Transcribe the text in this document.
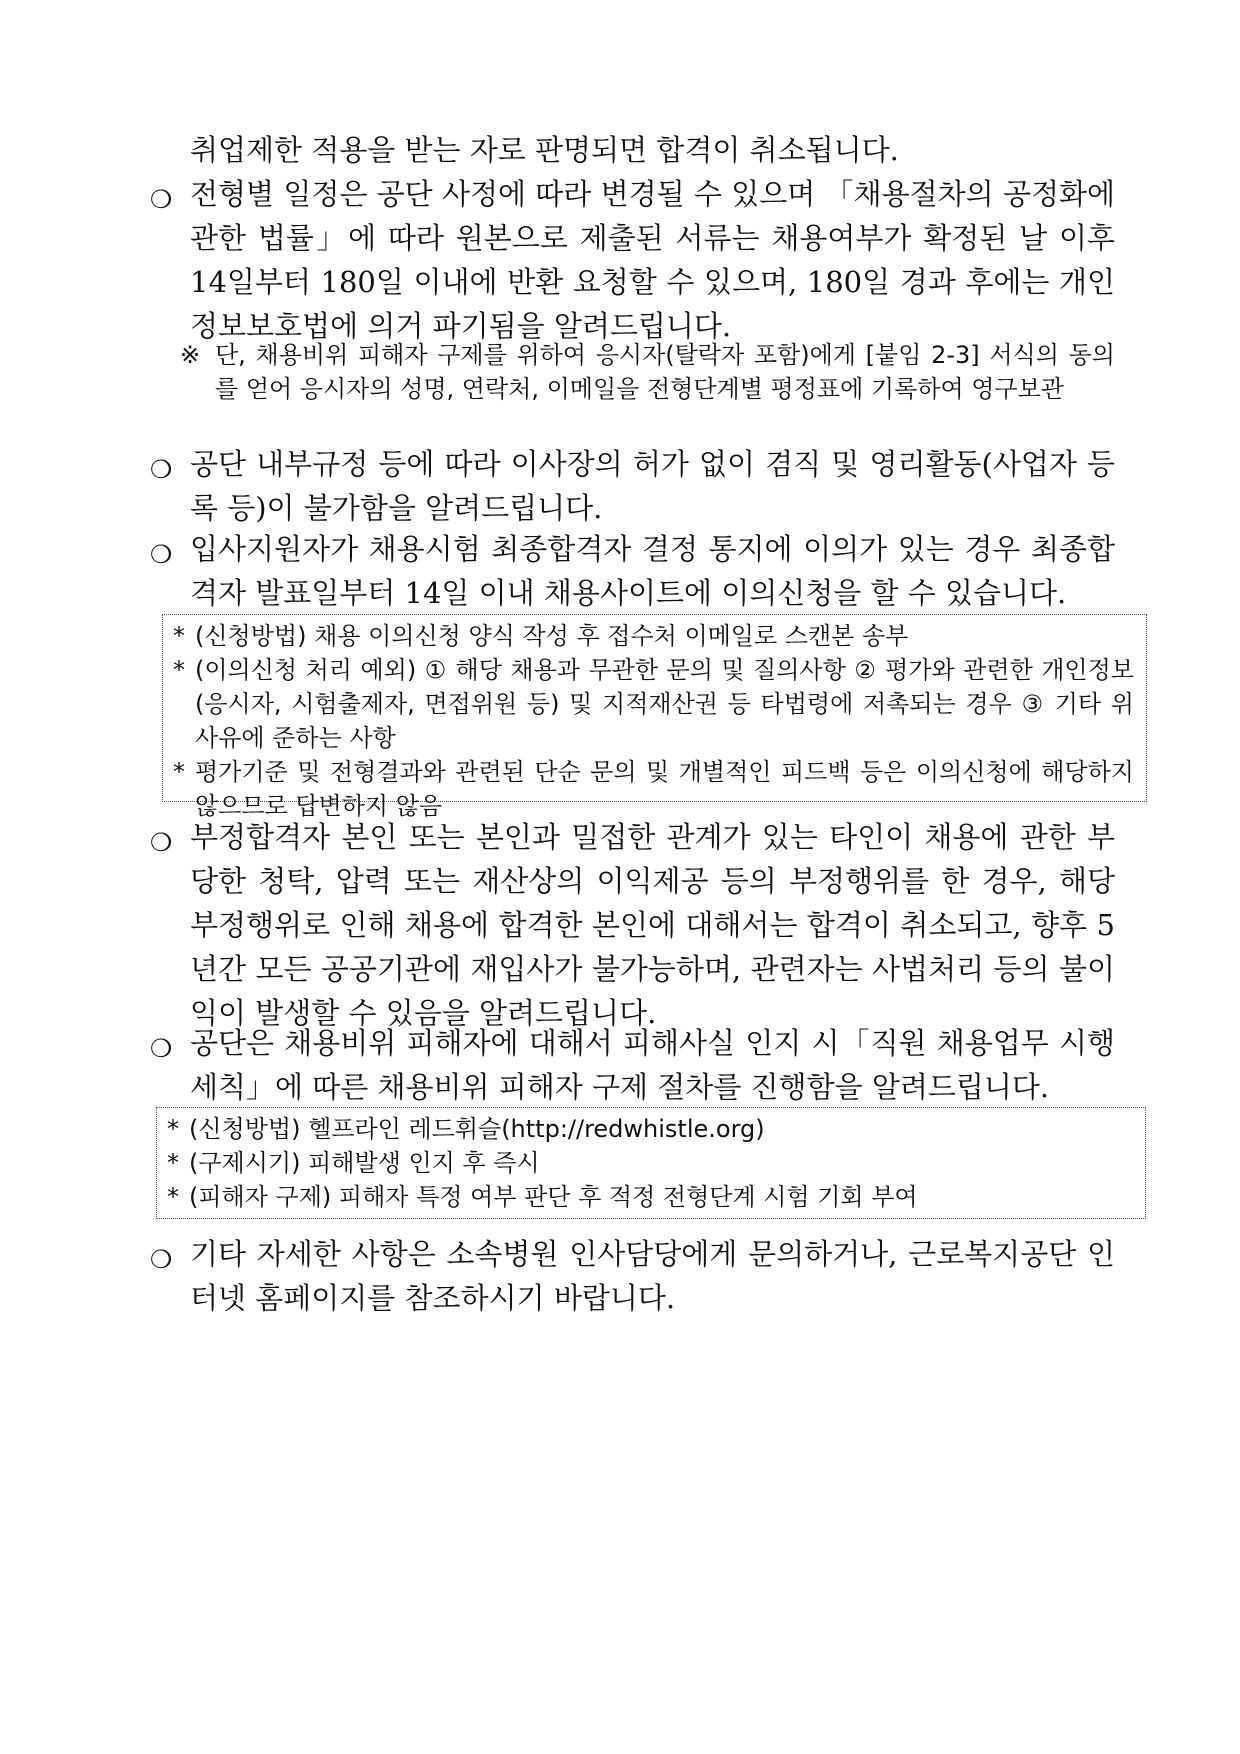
취업제한 적용을 받는 자로 판명되면 합격이 취소됩니다.
❍ 전형별 일정은 공단 사정에 따라 변경될 수 있으며 「채용절차의 공정화에 관한 법률」에 따라 원본으로 제출된 서류는 채용여부가 확정된 날 이후 14일부터 180일 이내에 반환 요청할 수 있으며, 180일 경과 후에는 개인정보보호법에 의거 파기됨을 알려드립니다.
※ 단, 채용비위 피해자 구제를 위하여 응시자(탈락자 포함)에게 [붙임 2-3] 서식의 동의를 얻어 응시자의 성명, 연락처, 이메일을 전형단계별 평정표에 기록하여 영구보관
❍ 공단 내부규정 등에 따라 이사장의 허가 없이 겸직 및 영리활동(사업자 등록 등)이 불가함을 알려드립니다.
❍ 입사지원자가 채용시험 최종합격자 결정 통지에 이의가 있는 경우 최종합격자 발표일부터 14일 이내 채용사이트에 이의신청을 할 수 있습니다.
* (신청방법) 채용 이의신청 양식 작성 후 접수처 이메일로 스캔본 송부
* (이의신청 처리 예외) ① 해당 채용과 무관한 문의 및 질의사항 ② 평가와 관련한 개인정보(응시자, 시험출제자, 면접위원 등) 및 지적재산권 등 타법령에 저촉되는 경우 ③ 기타 위 사유에 준하는 사항
* 평가기준 및 전형결과와 관련된 단순 문의 및 개별적인 피드백 등은 이의신청에 해당하지 않으므로 답변하지 않음
❍ 부정합격자 본인 또는 본인과 밀접한 관계가 있는 타인이 채용에 관한 부당한 청탁, 압력 또는 재산상의 이익제공 등의 부정행위를 한 경우, 해당 부정행위로 인해 채용에 합격한 본인에 대해서는 합격이 취소되고, 향후 5년간 모든 공공기관에 재입사가 불가능하며, 관련자는 사법처리 등의 불이익이 발생할 수 있음을 알려드립니다.
❍ 공단은 채용비위 피해자에 대해서 피해사실 인지 시「직원 채용업무 시행세칙」에 따른 채용비위 피해자 구제 절차를 진행함을 알려드립니다.
* (신청방법) 헬프라인 레드휘슬(http://redwhistle.org)
* (구제시기) 피해발생 인지 후 즉시
* (피해자 구제) 피해자 특정 여부 판단 후 적정 전형단계 시험 기회 부여
❍ 기타 자세한 사항은 소속병원 인사담당에게 문의하거나, 근로복지공단 인터넷 홈페이지를 참조하시기 바랍니다.
